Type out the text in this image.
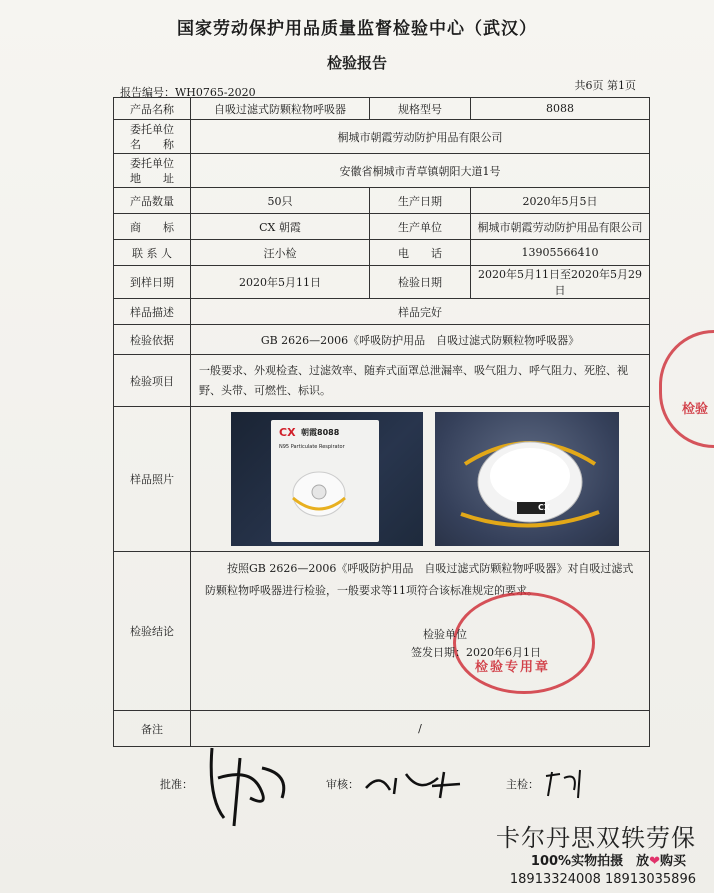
国家劳动保护用品质量监督检验中心（武汉）
检验报告
报告编号：WH0765-2020
共6页 第1页
产品名称	自吸过滤式防颗粒物呼吸器	规格型号	8088

委托单位
名　　称	桐城市朝霞劳动防护用品有限公司		

委托单位
地　　址	安徽省桐城市青草镇朝阳大道1号		
产品数量	50只	生产日期	2020年5月5日
商　　标	CX 朝霞	生产单位	桐城市朝霞劳动防护用品有限公司
联 系 人	汪小检	电　　话	13905566410
到样日期	2020年5月11日	检验日期	2020年5月11日至2020年5月29日
样品描述	样品完好		
检验依据	GB 2626—2006《呼吸防护用品　自吸过滤式防颗粒物呼吸器》		
检验项目	一般要求、外观检查、过滤效率、随弃式面罩总泄漏率、吸气阻力、呼气阻力、死腔、视野、头带、可燃性、标识。		
样品照片	CX 朝霞8088
N95 Particulate Respirator
CX		

检验结论	按照GB 2626—2006《呼吸防护用品　自吸过滤式防颗粒物呼吸器》对自吸过滤式防颗粒物呼吸器进行检验，一般要求等11项符合该标准规定的要求。
检验单位
签发日期：2020年6月1日
检验专用章		

备注	/		
检验
批准：	审核：	主检：
卡尔丹思双轶劳保
100%实物拍摄　放❤购买
18913324008 18913035896
